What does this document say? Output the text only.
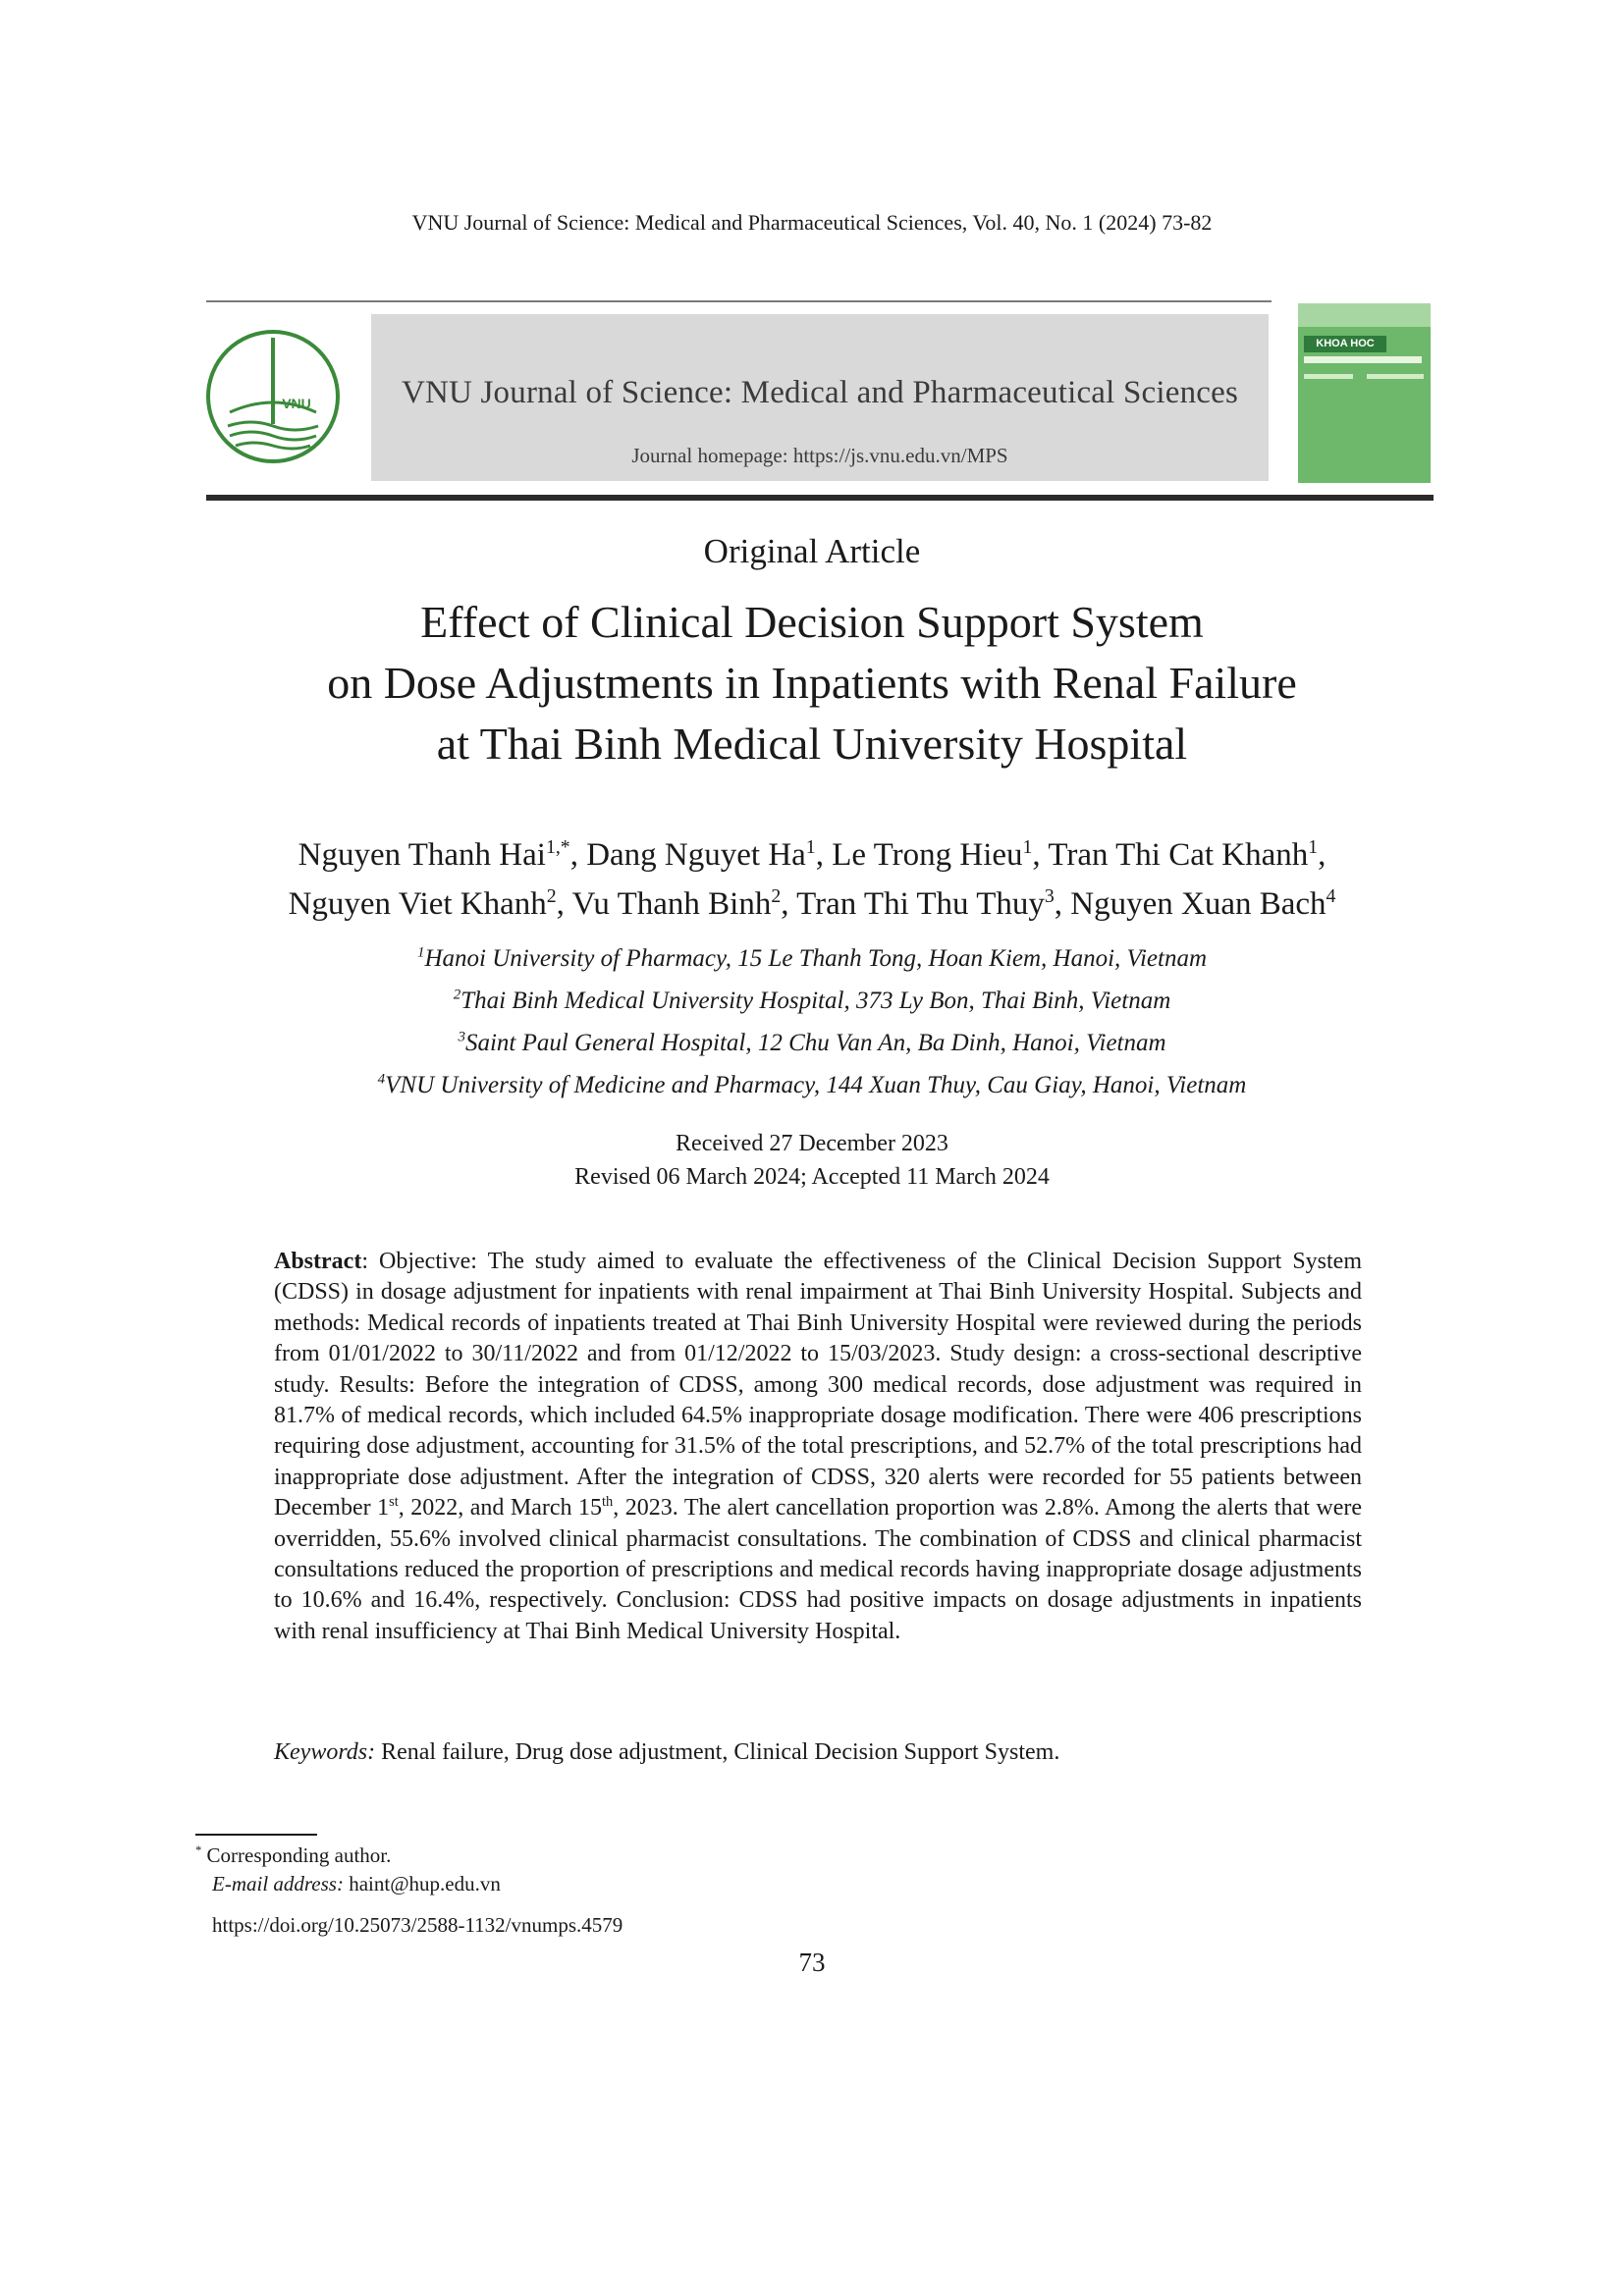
VNU Journal of Science: Medical and Pharmaceutical Sciences, Vol. 40, No. 1 (2024) 73-82
VNU	VNU Journal of Science: Medical and Pharmaceutical Sciences
Journal homepage: https://js.vnu.edu.vn/MPS
KHOA HOC
Original Article
Effect of Clinical Decision Support System
on Dose Adjustments in Inpatients with Renal Failure
at Thai Binh Medical University Hospital
Nguyen Thanh Hai$^{1,*}$, Dang Nguyet Ha$^1$, Le Trong Hieu$^1$, Tran Thi Cat Khanh$^1$,
Nguyen Viet Khanh$^2$, Vu Thanh Binh$^2$, Tran Thi Thu Thuy$^3$, Nguyen Xuan Bach$^4$
$^1$Hanoi University of Pharmacy, 15 Le Thanh Tong, Hoan Kiem, Hanoi, Vietnam
$^2$Thai Binh Medical University Hospital, 373 Ly Bon, Thai Binh, Vietnam
$^3$Saint Paul General Hospital, 12 Chu Van An, Ba Dinh, Hanoi, Vietnam
$^4$VNU University of Medicine and Pharmacy, 144 Xuan Thuy, Cau Giay, Hanoi, Vietnam
Received 27 December 2023
Revised 06 March 2024; Accepted 11 March 2024
Abstract: Objective: The study aimed to evaluate the effectiveness of the Clinical Decision Support System (CDSS) in dosage adjustment for inpatients with renal impairment at Thai Binh University Hospital. Subjects and methods: Medical records of inpatients treated at Thai Binh University Hospital were reviewed during the periods from 01/01/2022 to 30/11/2022 and from 01/12/2022 to 15/03/2023. Study design: a cross-sectional descriptive study. Results: Before the integration of CDSS, among 300 medical records, dose adjustment was required in 81.7% of medical records, which included 64.5% inappropriate dosage modification. There were 406 prescriptions requiring dose adjustment, accounting for 31.5% of the total prescriptions, and 52.7% of the total prescriptions had inappropriate dose adjustment. After the integration of CDSS, 320 alerts were recorded for 55 patients between December 1st, 2022, and March 15th, 2023. The alert cancellation proportion was 2.8%. Among the alerts that were overridden, 55.6% involved clinical pharmacist consultations. The combination of CDSS and clinical pharmacist consultations reduced the proportion of prescriptions and medical records having inappropriate dosage adjustments to 10.6% and 16.4%, respectively. Conclusion: CDSS had positive impacts on dosage adjustments in inpatients with renal insufficiency at Thai Binh Medical University Hospital.
Keywords: Renal failure, Drug dose adjustment, Clinical Decision Support System.
* Corresponding author.
E-mail address: haint@hup.edu.vn
https://doi.org/10.25073/2588-1132/vnumps.4579
73
